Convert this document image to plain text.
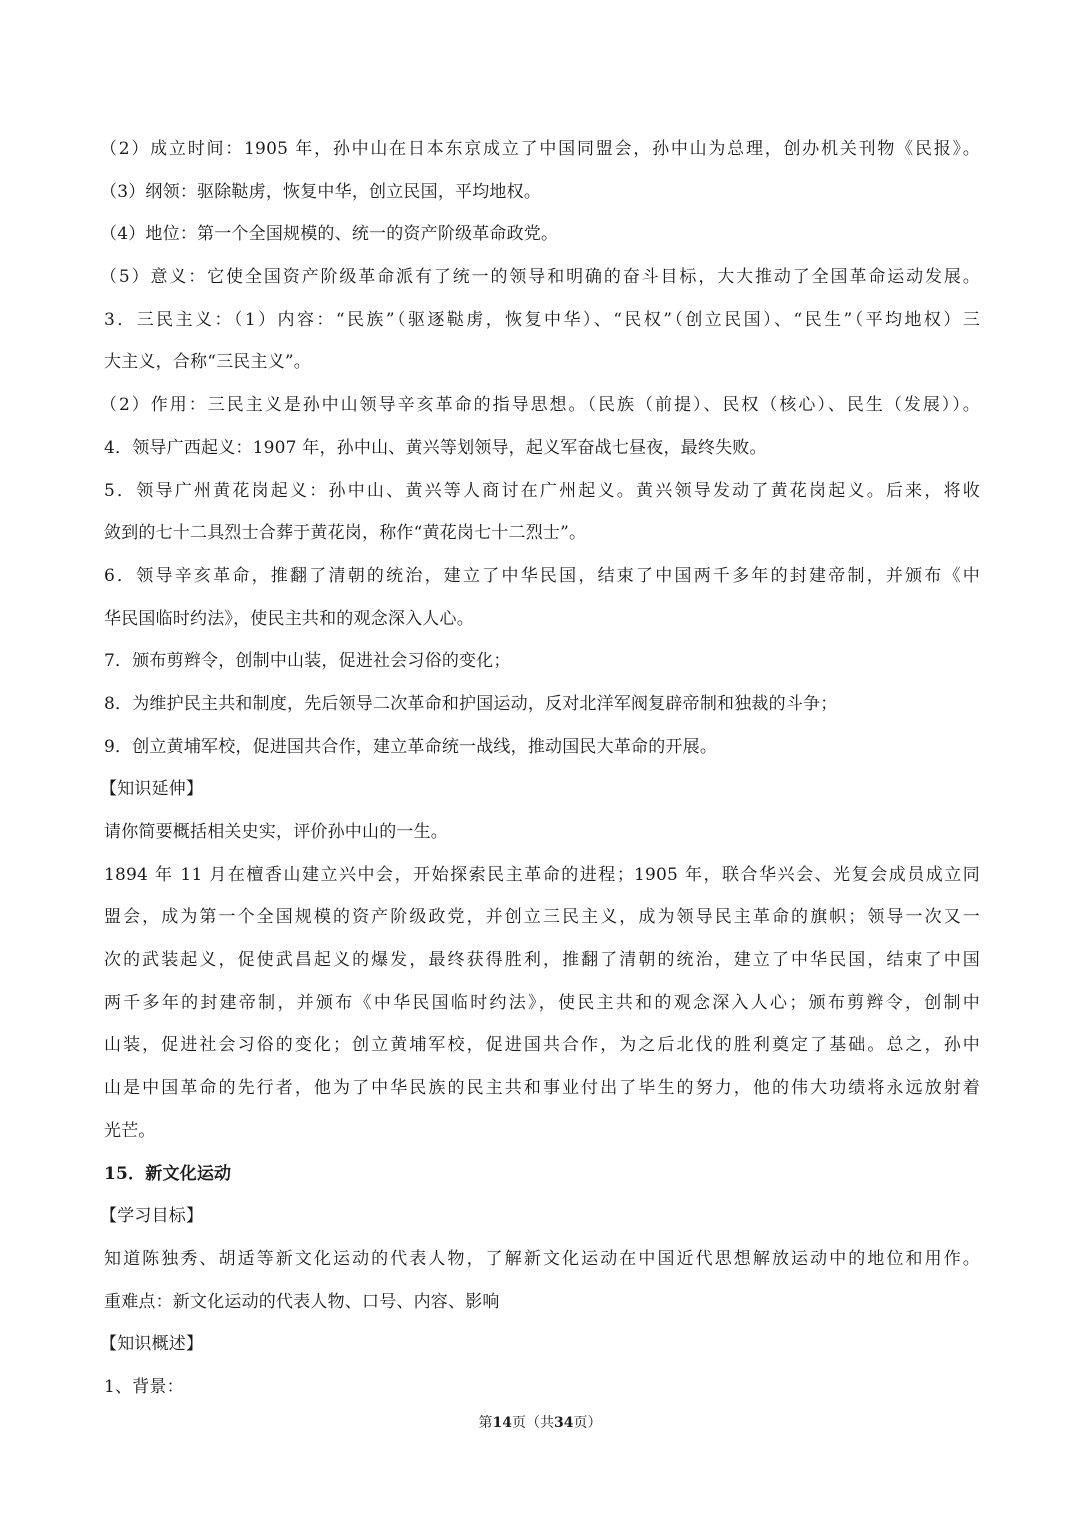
（2）成立时间：1905 年，孙中山在日本东京成立了中国同盟会，孙中山为总理，创办机关刊物《民报》。
（3）纲领：驱除鞑虏，恢复中华，创立民国，平均地权。
（4）地位：第一个全国规模的、统一的资产阶级革命政党。
（5）意义：它使全国资产阶级革命派有了统一的领导和明确的奋斗目标，大大推动了全国革命运动发展。
3．三民主义：（1）内容：“民族”（驱逐鞑虏，恢复中华）、“民权”（创立民国）、“民生”（平均地权）三
大主义，合称“三民主义”。
（2）作用：三民主义是孙中山领导辛亥革命的指导思想。（民族（前提）、民权（核心）、民生（发展））。
4．领导广西起义：1907 年，孙中山、黄兴等划领导，起义军奋战七昼夜，最终失败。
5．领导广州黄花岗起义：孙中山、黄兴等人商讨在广州起义。黄兴领导发动了黄花岗起义。后来，将收
敛到的七十二具烈士合葬于黄花岗，称作“黄花岗七十二烈士”。
6．领导辛亥革命，推翻了清朝的统治，建立了中华民国，结束了中国两千多年的封建帝制，并颁布《中
华民国临时约法》，使民主共和的观念深入人心。
7．颁布剪辫令，创制中山装，促进社会习俗的变化；
8．为维护民主共和制度，先后领导二次革命和护国运动，反对北洋军阀复辟帝制和独裁的斗争；
9．创立黄埔军校，促进国共合作，建立革命统一战线，推动国民大革命的开展。
【知识延伸】
请你简要概括相关史实，评价孙中山的一生。
1894 年 11 月在檀香山建立兴中会，开始探索民主革命的进程；1905 年，联合华兴会、光复会成员成立同
盟会，成为第一个全国规模的资产阶级政党，并创立三民主义，成为领导民主革命的旗帜；领导一次又一
次的武装起义，促使武昌起义的爆发，最终获得胜利，推翻了清朝的统治，建立了中华民国，结束了中国
两千多年的封建帝制，并颁布《中华民国临时约法》，使民主共和的观念深入人心；颁布剪辫令，创制中
山装，促进社会习俗的变化；创立黄埔军校，促进国共合作，为之后北伐的胜利奠定了基础。总之，孙中
山是中国革命的先行者，他为了中华民族的民主共和事业付出了毕生的努力，他的伟大功绩将永远放射着
光芒。
15．新文化运动
【学习目标】
知道陈独秀、胡适等新文化运动的代表人物，了解新文化运动在中国近代思想解放运动中的地位和用作。
重难点：新文化运动的代表人物、口号、内容、影响
【知识概述】
1、背景：
第14页（共34页）
